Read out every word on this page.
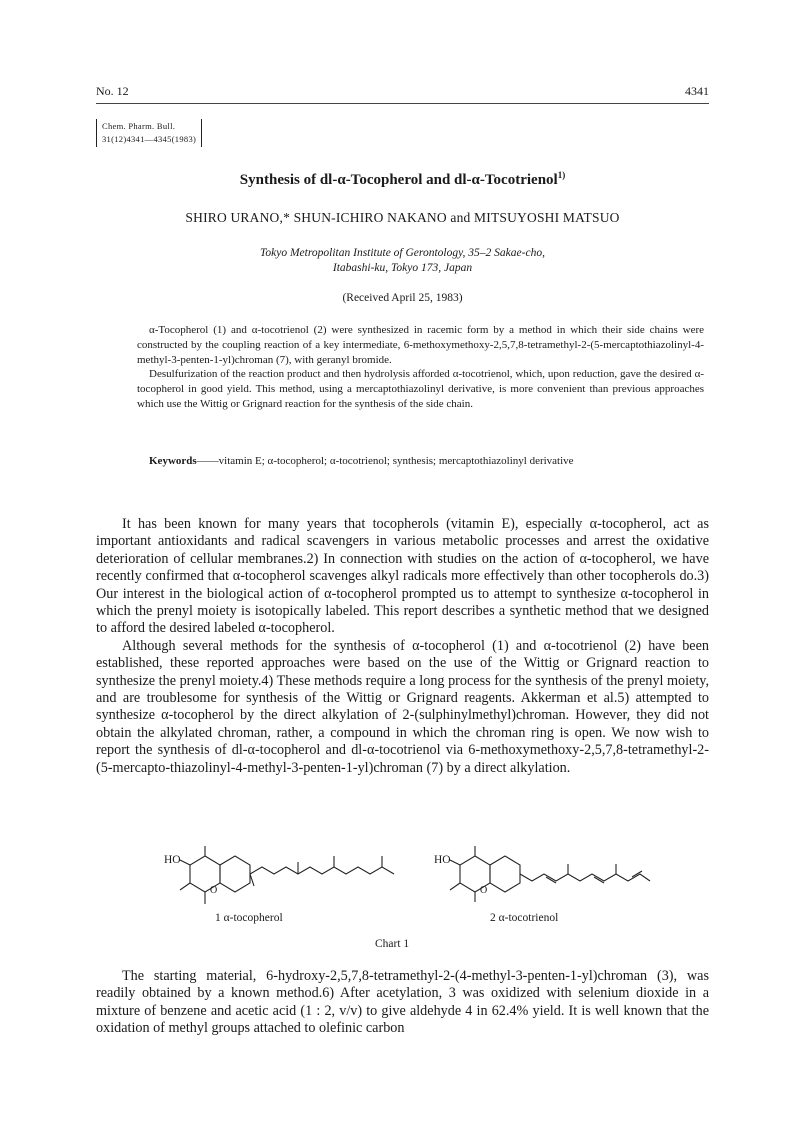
No. 12	4341
Chem. Pharm. Bull.
31(12)4341—4345(1983)
Synthesis of dl-α-Tocopherol and dl-α-Tocotrienol$^{1)}$
SHIRO URANO,* SHUN-ICHIRO NAKANO and MITSUYOSHI MATSUO
Tokyo Metropolitan Institute of Gerontology, 35–2 Sakae-cho,
Itabashi-ku, Tokyo 173, Japan
(Received April 25, 1983)

α-Tocopherol (1) and α-tocotrienol (2) were synthesized in racemic form by a method in which their side chains were constructed by the coupling reaction of a key intermediate, 6-methoxymethoxy-2,5,7,8-tetramethyl-2-(5-mercaptothiazolinyl-4-methyl-3-penten-1-yl)chroman (7), with geranyl bromide.

Desulfurization of the reaction product and then hydrolysis afforded α-tocotrienol, which, upon reduction, gave the desired α-tocopherol in good yield. This method, using a mercaptothiazolinyl derivative, is more convenient than previous approaches which use the Wittig or Grignard reaction for the synthesis of the side chain.

Keywords——vitamin E; α-tocopherol; α-tocotrienol; synthesis; mercaptothiazolinyl derivative

It has been known for many years that tocopherols (vitamin E), especially α-tocopherol, act as important antioxidants and radical scavengers in various metabolic processes and arrest the oxidative deterioration of cellular membranes.2) In connection with studies on the action of α-tocopherol, we have recently confirmed that α-tocopherol scavenges alkyl radicals more effectively than other tocopherols do.3) Our interest in the biological action of α-tocopherol prompted us to attempt to synthesize α-tocopherol in which the prenyl moiety is isotopically labeled. This report describes a synthetic method that we designed to afford the desired labeled α-tocopherol.

Although several methods for the synthesis of α-tocopherol (1) and α-tocotrienol (2) have been established, these reported approaches were based on the use of the Wittig or Grignard reaction to synthesize the prenyl moiety.4) These methods require a long process for the synthesis of the prenyl moiety, and are troublesome for synthesis of the Wittig or Grignard reagents. Akkerman et al.5) attempted to synthesize α-tocopherol by the direct alkylation of 2-(sulphinylmethyl)chroman. However, they did not obtain the alkylated chroman, rather, a compound in which the chroman ring is open. We now wish to report the synthesis of dl-α-tocopherol and dl-α-tocotrienol via 6-methoxymethoxy-2,5,7,8-tetramethyl-2-(5-mercapto-thiazolinyl-4-methyl-3-penten-1-yl)chroman (7) by a direct alkylation.

HO
O
HO
O
1 α-tocopherol	2 α-tocotrienol
Chart 1

The starting material, 6-hydroxy-2,5,7,8-tetramethyl-2-(4-methyl-3-penten-1-yl)chroman (3), was readily obtained by a known method.6) After acetylation, 3 was oxidized with selenium dioxide in a mixture of benzene and acetic acid (1 : 2, v/v) to give aldehyde 4 in 62.4% yield. It is well known that the oxidation of methyl groups attached to olefinic carbon
